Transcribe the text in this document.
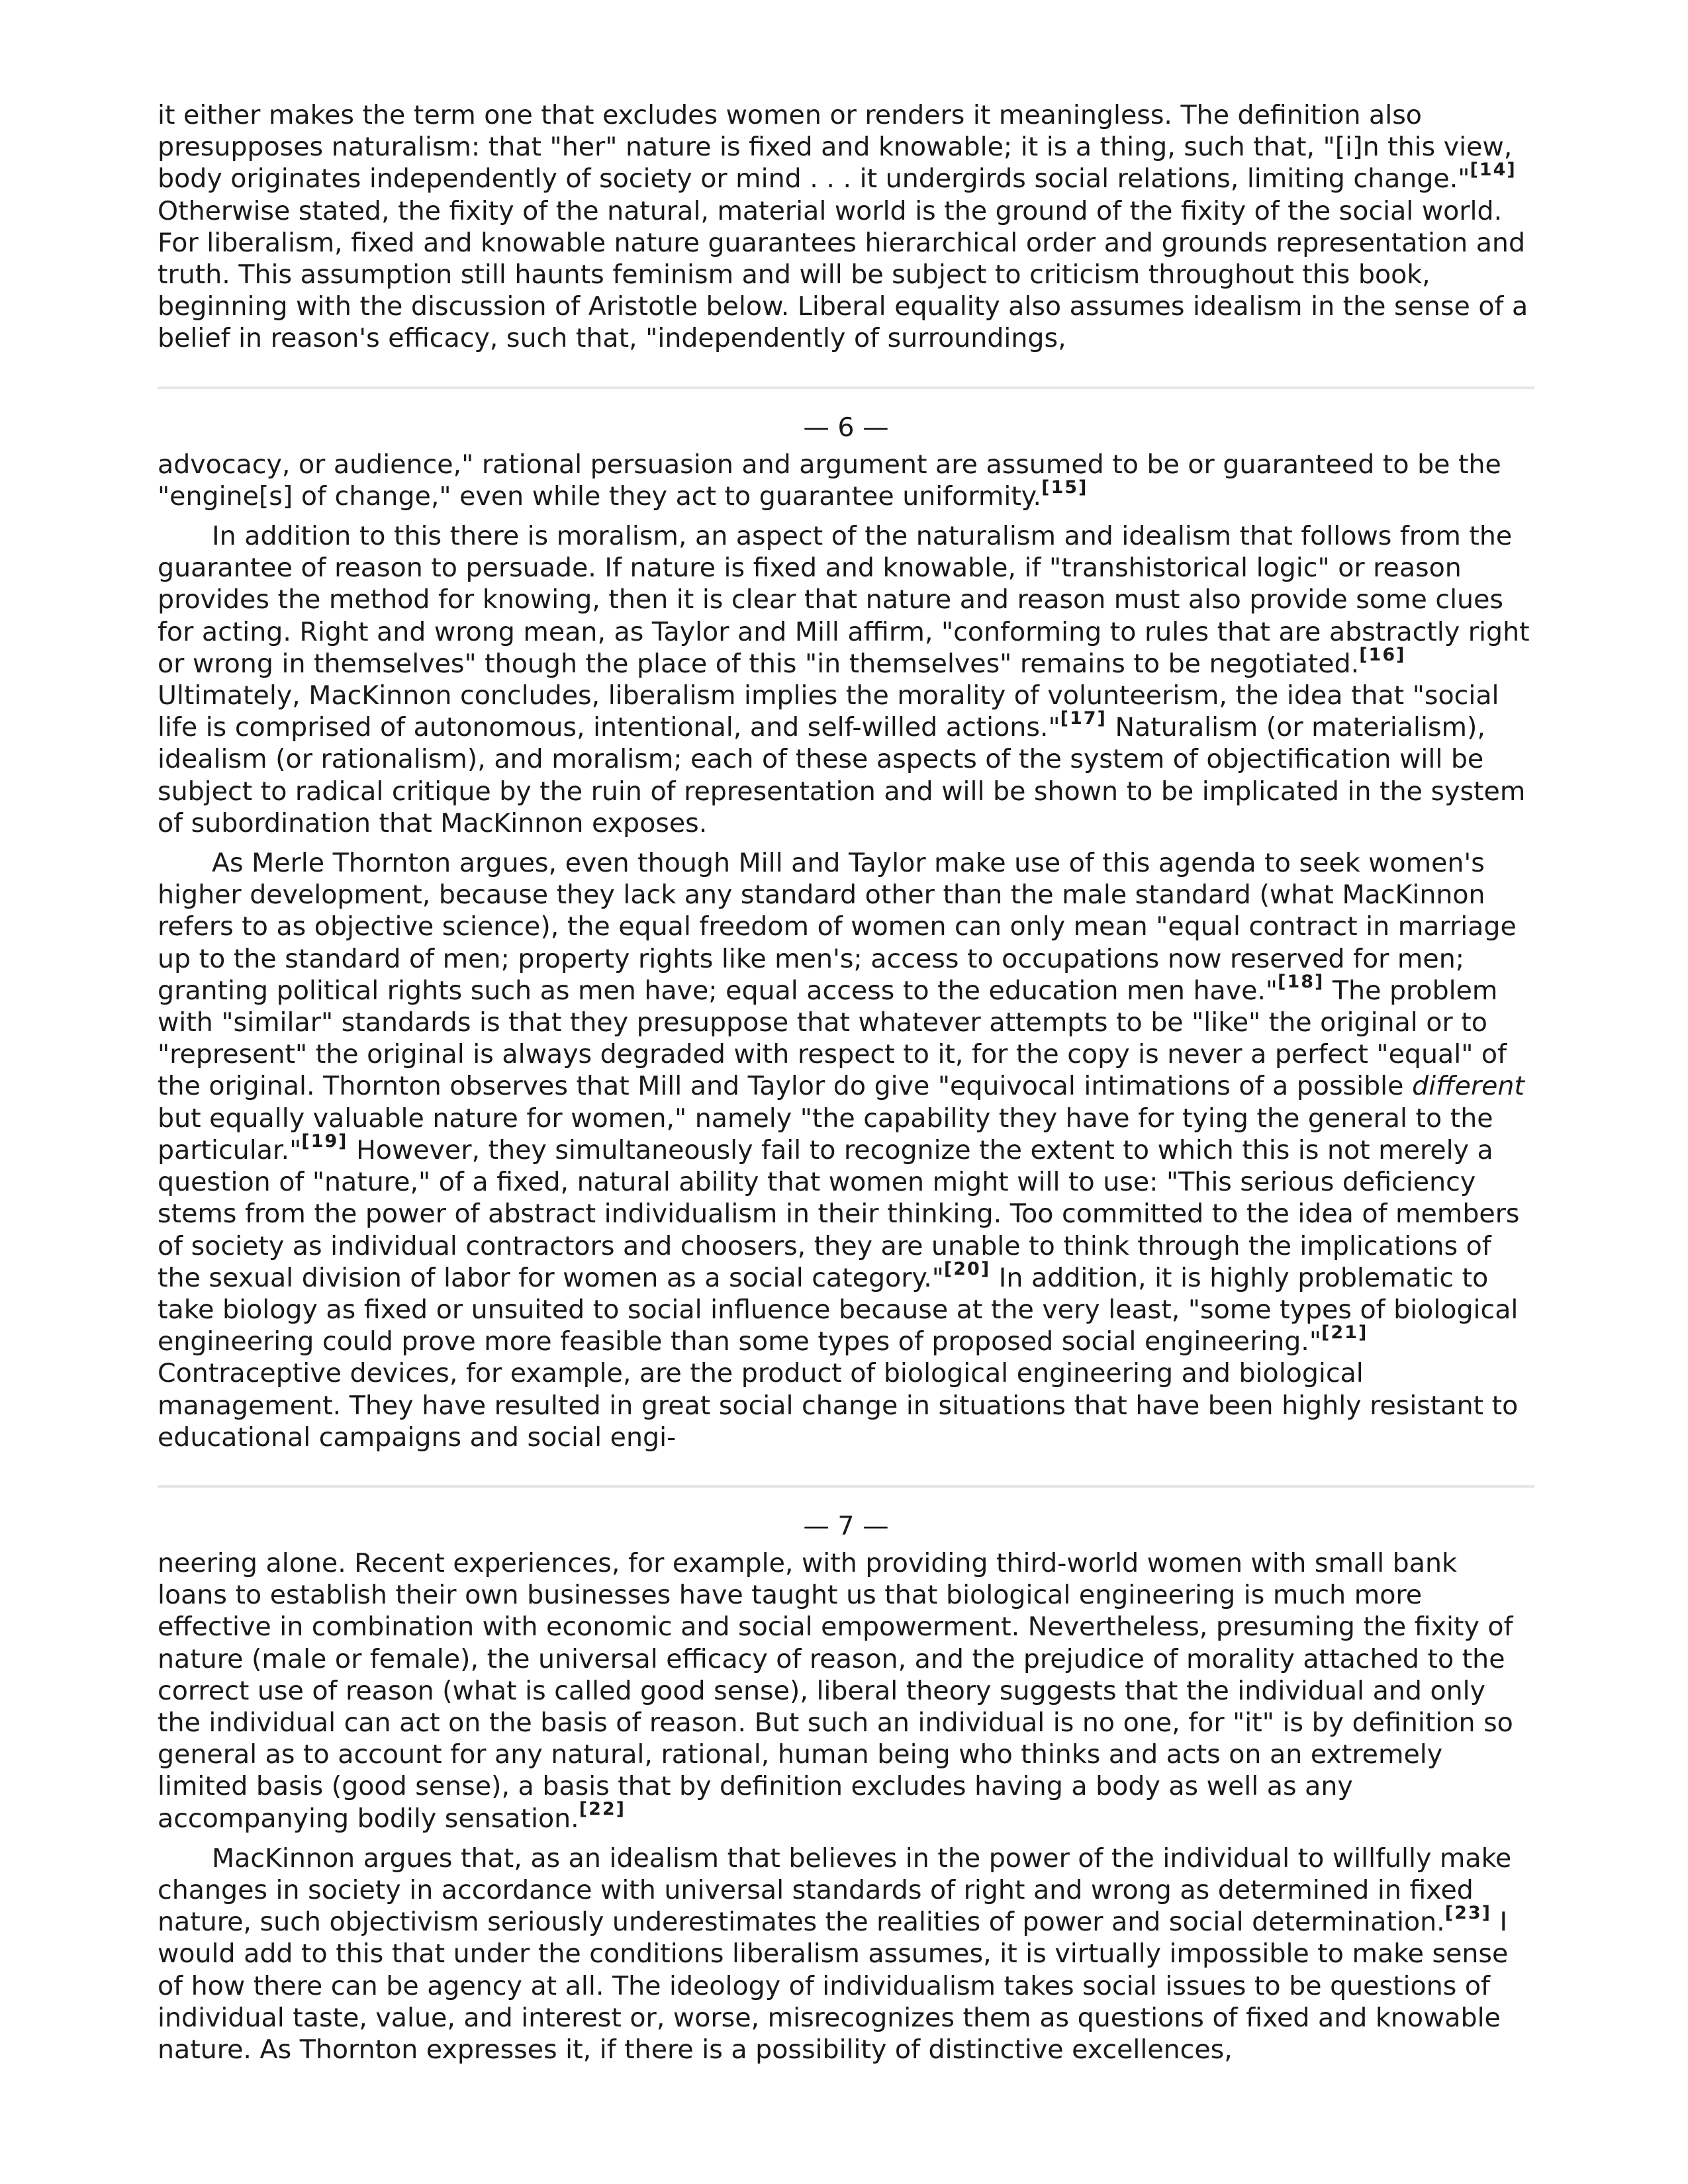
it either makes the term one that excludes women or renders it meaningless. The definition also presupposes naturalism: that "her" nature is fixed and knowable; it is a thing, such that, "[i]n this view, body originates independently of society or mind . . . it undergirds social relations, limiting change."[14] Otherwise stated, the fixity of the natural, material world is the ground of the fixity of the social world. For liberalism, fixed and knowable nature guarantees hierarchical order and grounds representation and truth. This assumption still haunts feminism and will be subject to criticism throughout this book, beginning with the discussion of Aristotle below. Liberal equality also assumes idealism in the sense of a belief in reason's efficacy, such that, "independently of surroundings,

— 6 —

advocacy, or audience," rational persuasion and argument are assumed to be or guaranteed to be the "engine[s] of change," even while they act to guarantee uniformity.[15]

In addition to this there is moralism, an aspect of the naturalism and idealism that follows from the guarantee of reason to persuade. If nature is fixed and knowable, if "transhistorical logic" or reason provides the method for knowing, then it is clear that nature and reason must also provide some clues for acting. Right and wrong mean, as Taylor and Mill affirm, "conforming to rules that are abstractly right or wrong in themselves" though the place of this "in themselves" remains to be negotiated.[16] Ultimately, MacKinnon concludes, liberalism implies the morality of volunteerism, the idea that "social life is comprised of autonomous, intentional, and self-willed actions."[17] Naturalism (or materialism), idealism (or rationalism), and moralism; each of these aspects of the system of objectification will be subject to radical critique by the ruin of representation and will be shown to be implicated in the system of subordination that MacKinnon exposes.

As Merle Thornton argues, even though Mill and Taylor make use of this agenda to seek women's higher development, because they lack any standard other than the male standard (what MacKinnon refers to as objective science), the equal freedom of women can only mean "equal contract in marriage up to the standard of men; property rights like men's; access to occupations now reserved for men; granting political rights such as men have; equal access to the education men have."[18] The problem with "similar" standards is that they presuppose that whatever attempts to be "like" the original or to "represent" the original is always degraded with respect to it, for the copy is never a perfect "equal" of the original. Thornton observes that Mill and Taylor do give "equivocal intimations of a possible different but equally valuable nature for women," namely "the capability they have for tying the general to the particular."[19] However, they simultaneously fail to recognize the extent to which this is not merely a question of "nature," of a fixed, natural ability that women might will to use: "This serious deficiency stems from the power of abstract individualism in their thinking. Too committed to the idea of members of society as individual contractors and choosers, they are unable to think through the implications of the sexual division of labor for women as a social category."[20] In addition, it is highly problematic to take biology as fixed or unsuited to social influence because at the very least, "some types of biological engineering could prove more feasible than some types of proposed social engineering."[21] Contraceptive devices, for example, are the product of biological engineering and biological management. They have resulted in great social change in situations that have been highly resistant to educational campaigns and social engi-

— 7 —

neering alone. Recent experiences, for example, with providing third-world women with small bank loans to establish their own businesses have taught us that biological engineering is much more effective in combination with economic and social empowerment. Nevertheless, presuming the fixity of nature (male or female), the universal efficacy of reason, and the prejudice of morality attached to the correct use of reason (what is called good sense), liberal theory suggests that the individual and only the individual can act on the basis of reason. But such an individual is no one, for "it" is by definition so general as to account for any natural, rational, human being who thinks and acts on an extremely limited basis (good sense), a basis that by definition excludes having a body as well as any accompanying bodily sensation.[22]

MacKinnon argues that, as an idealism that believes in the power of the individual to willfully make changes in society in accordance with universal standards of right and wrong as determined in fixed nature, such objectivism seriously underestimates the realities of power and social determination.[23] I would add to this that under the conditions liberalism assumes, it is virtually impossible to make sense of how there can be agency at all. The ideology of individualism takes social issues to be questions of individual taste, value, and interest or, worse, misrecognizes them as questions of fixed and knowable nature. As Thornton expresses it, if there is a possibility of distinctive excellences,
